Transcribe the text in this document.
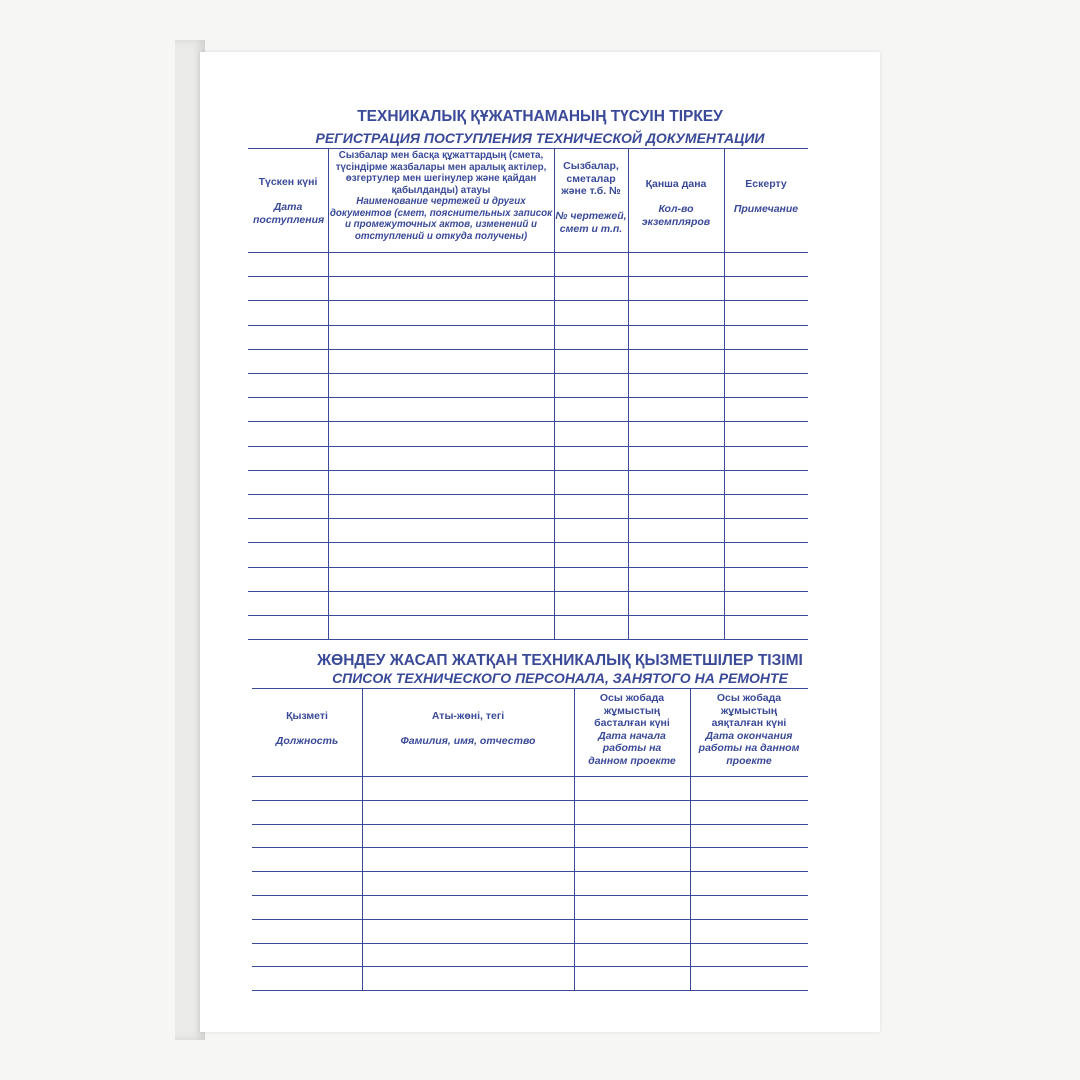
ТЕХНИКАЛЫҚ ҚҰЖАТНАМАНЫҢ ТҮСУІН ТІРКЕУ
РЕГИСТРАЦИЯ ПОСТУПЛЕНИЯ ТЕХНИЧЕСКОЙ ДОКУМЕНТАЦИИ
Түскен күні

Дата поступления
Сызбалар мен басқа құжаттардың (смета, түсіндірме жазбалары мен аралық актілер, өзгертулер мен шегінулер және қайдан қабылданды) атауы
Наименование чертежей и других документов (смет, пояснительных записок и промежуточных актов, изменений и отступлений и откуда получены)
Сызбалар, сметалар және т.б. №

№ чертежей, смет и т.п.
Қанша дана

Кол-во экземпляров
Ескерту

Примечание
ЖӨНДЕУ ЖАСАП ЖАТҚАН ТЕХНИКАЛЫҚ ҚЫЗМЕТШІЛЕР ТІЗІМІ
СПИСОК ТЕХНИЧЕСКОГО ПЕРСОНАЛА, ЗАНЯТОГО НА РЕМОНТЕ
Қызметі

Должность
Аты-жөні, тегі

Фамилия, имя, отчество
Осы жобада жұмыстың басталған күні
Дата начала работы на данном проекте
Осы жобада жұмыстың аяқталған күні
Дата окончания работы на данном проекте
